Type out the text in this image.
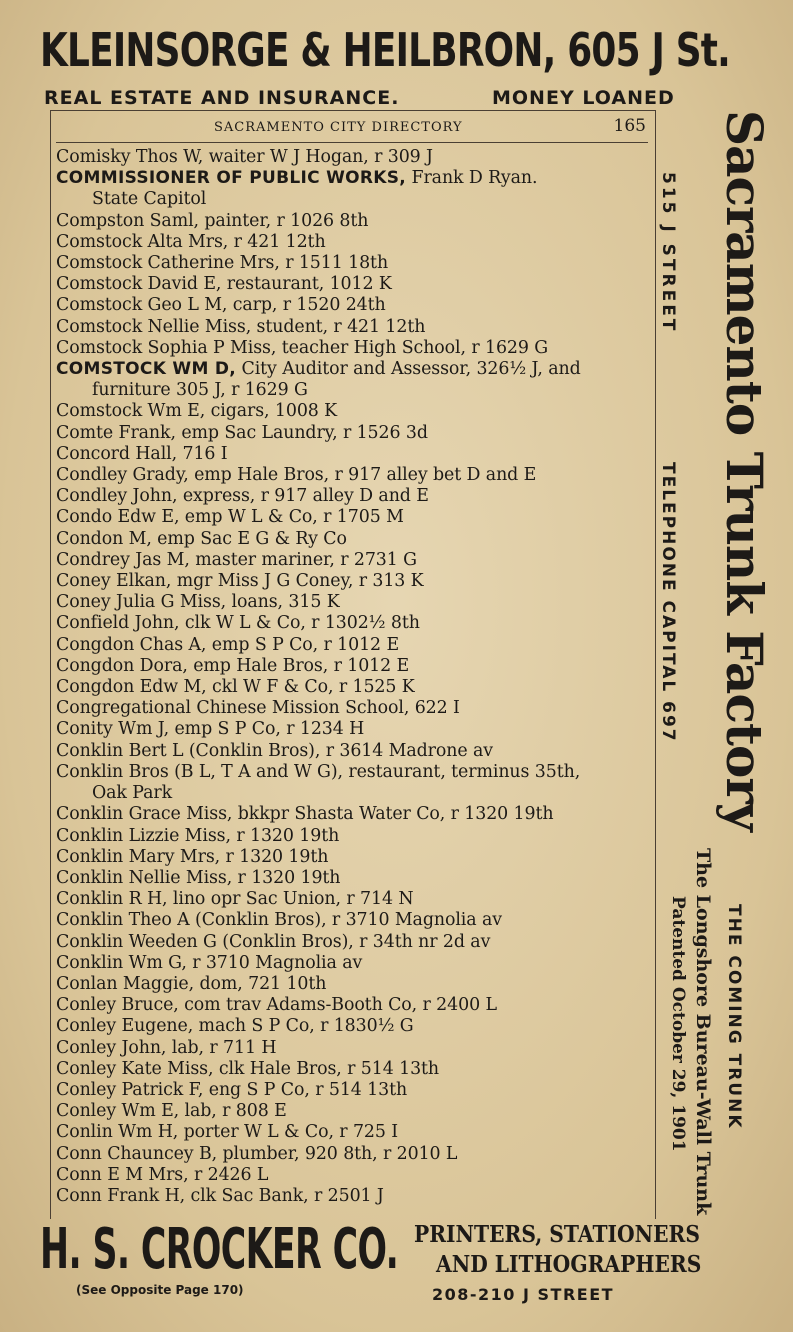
KLEINSORGE & HEILBRON, 605 J St.
REAL ESTATE AND INSURANCE.	MONEY LOANED
SACRAMENTO CITY DIRECTORY	165
Comisky Thos W, waiter W J Hogan, r 309 J
COMMISSIONER OF PUBLIC WORKS, Frank D Ryan.
State Capitol
Compston Saml, painter, r 1026 8th
Comstock Alta Mrs, r 421 12th
Comstock Catherine Mrs, r 1511 18th
Comstock David E, restaurant, 1012 K
Comstock Geo L M, carp, r 1520 24th
Comstock Nellie Miss, student, r 421 12th
Comstock Sophia P Miss, teacher High School, r 1629 G
COMSTOCK WM D, City Auditor and Assessor, 326½ J, and
furniture 305 J, r 1629 G
Comstock Wm E, cigars, 1008 K
Comte Frank, emp Sac Laundry, r 1526 3d
Concord Hall, 716 I
Condley Grady, emp Hale Bros, r 917 alley bet D and E
Condley John, express, r 917 alley D and E
Condo Edw E, emp W L & Co, r 1705 M
Condon M, emp Sac E G & Ry Co
Condrey Jas M, master mariner, r 2731 G
Coney Elkan, mgr Miss J G Coney, r 313 K
Coney Julia G Miss, loans, 315 K
Confield John, clk W L & Co, r 1302½ 8th
Congdon Chas A, emp S P Co, r 1012 E
Congdon Dora, emp Hale Bros, r 1012 E
Congdon Edw M, ckl W F & Co, r 1525 K
Congregational Chinese Mission School, 622 I
Conity Wm J, emp S P Co, r 1234 H
Conklin Bert L (Conklin Bros), r 3614 Madrone av
Conklin Bros (B L, T A and W G), restaurant, terminus 35th,
Oak Park
Conklin Grace Miss, bkkpr Shasta Water Co, r 1320 19th
Conklin Lizzie Miss, r 1320 19th
Conklin Mary Mrs, r 1320 19th
Conklin Nellie Miss, r 1320 19th
Conklin R H, lino opr Sac Union, r 714 N
Conklin Theo A (Conklin Bros), r 3710 Magnolia av
Conklin Weeden G (Conklin Bros), r 34th nr 2d av
Conklin Wm G, r 3710 Magnolia av
Conlan Maggie, dom, 721 10th
Conley Bruce, com trav Adams-Booth Co, r 2400 L
Conley Eugene, mach S P Co, r 1830½ G
Conley John, lab, r 711 H
Conley Kate Miss, clk Hale Bros, r 514 13th
Conley Patrick F, eng S P Co, r 514 13th
Conley Wm E, lab, r 808 E
Conlin Wm H, porter W L & Co, r 725 I
Conn Chauncey B, plumber, 920 8th, r 2010 L
Conn E M Mrs, r 2426 L
Conn Frank H, clk Sac Bank, r 2501 J
Sacramento Trunk Factory
515 J STREET
TELEPHONE CAPITAL 697
THE COMING TRUNK
The Longshore Bureau-Wall Trunk
Patented October 29, 1901
H. S. CROCKER CO. PRINTERS, STATIONERS
AND LITHOGRAPHERS
(See Opposite Page 170)	208-210 J STREET
